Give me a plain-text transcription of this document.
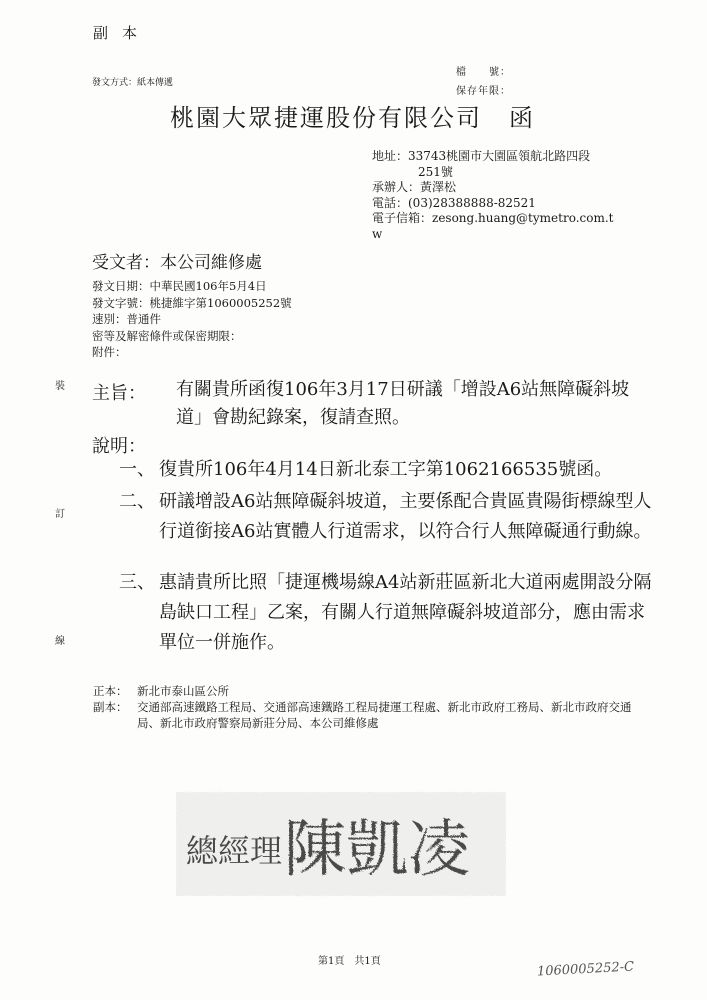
副本
發文方式：紙本傳遞
檔　　號：
保存年限：
桃園大眾捷運股份有限公司 函
地址：33743桃園市大園區領航北路四段
251號
承辦人：黃澤松
電話：(03)28388888-82521
電子信箱：zesong.huang@tymetro.com.t
w
受文者：本公司維修處
發文日期：中華民國106年5月4日
發文字號：桃捷維字第1060005252號
速別：普通件
密等及解密條件或保密期限：
附件：
裝
訂
線
主旨： 有關貴所函復106年3月17日研議「增設A6站無障礙斜坡道」會勘紀錄案，復請查照。
說明：
一、 復貴所106年4月14日新北泰工字第1062166535號函。
二、 研議增設A6站無障礙斜坡道，主要係配合貴區貴陽街標線型人行道銜接A6站實體人行道需求，以符合行人無障礙通行動線。
三、 惠請貴所比照「捷運機場線A4站新莊區新北大道兩處開設分隔島缺口工程」乙案，有關人行道無障礙斜坡道部分，應由需求單位一併施作。
正本： 新北市泰山區公所
副本： 交通部高速鐵路工程局、交通部高速鐵路工程局捷運工程處、新北市政府工務局、新北市政府交通局、新北市政府警察局新莊分局、本公司維修處
總經理 陳凱凌
第1頁　共1頁	1060005252-C
